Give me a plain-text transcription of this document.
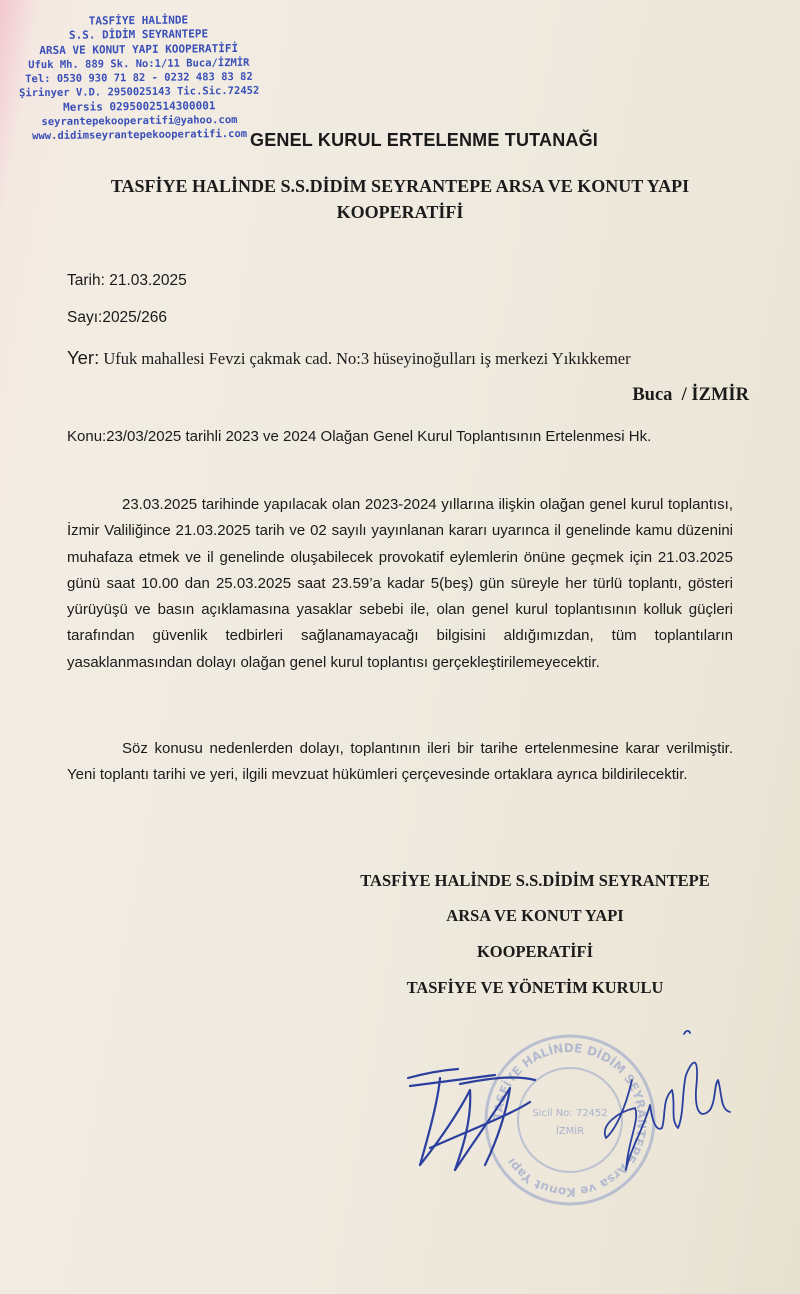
TASFİYE HALİNDE
S.S. DİDİM SEYRANTEPE
ARSA VE KONUT YAPI KOOPERATİFİ
Ufuk Mh. 889 Sk. No:1/11 Buca/İZMİR
Tel: 0530 930 71 82 - 0232 483 83 82
Şirinyer V.D. 2950025143 Tic.Sic.72452
Mersis 0295002514300001
seyrantepekooperatifi@yahoo.com
www.didimseyrantepekooperatifi.com GENEL KURUL ERTELENME TUTANAĞI
TASFİYE HALİNDE S.S.DİDİM SEYRANTEPE ARSA VE KONUT YAPI
KOOPERATİFİ
Tarih: 21.03.2025
Sayı:2025/266
Yer: Ufuk mahallesi Fevzi çakmak cad. No:3 hüseyinoğulları iş merkezi Yıkıkkemer
Buca  / İZMİR
Konu:23/03/2025 tarihli 2023 ve 2024 Olağan Genel Kurul Toplantısının Ertelenmesi Hk.
23.03.2025 tarihinde yapılacak olan 2023-2024 yıllarına ilişkin olağan genel kurul toplantısı, İzmir Valiliğince 21.03.2025 tarih ve 02 sayılı yayınlanan kararı uyarınca il genelinde kamu düzenini muhafaza etmek ve il genelinde oluşabilecek provokatif eylemlerin önüne geçmek için 21.03.2025 günü saat 10.00 dan 25.03.2025 saat 23.59’a kadar 5(beş) gün süreyle her türlü toplantı, gösteri yürüyüşü ve basın açıklamasına yasaklar sebebi ile, olan genel kurul toplantısının kolluk güçleri tarafından güvenlik tedbirleri sağlanamayacağı bilgisini aldığımızdan, tüm toplantıların yasaklanmasından dolayı olağan genel kurul toplantısı gerçekleştirilemeyecektir.
Söz konusu nedenlerden dolayı, toplantının ileri bir tarihe ertelenmesine karar verilmiştir. Yeni toplantı tarihi ve yeri, ilgili mevzuat hükümleri çerçevesinde ortaklara ayrıca bildirilecektir.
TASFİYE HALİNDE S.S.DİDİM SEYRANTEPE
ARSA VE KONUT YAPI
KOOPERATİFİ
TASFİYE VE YÖNETİM KURULU
TASFİYE HALİNDE DİDİM SEYRANTEPE Arsa ve Konut Yapı
Sicil No: 72452
İZMİR
